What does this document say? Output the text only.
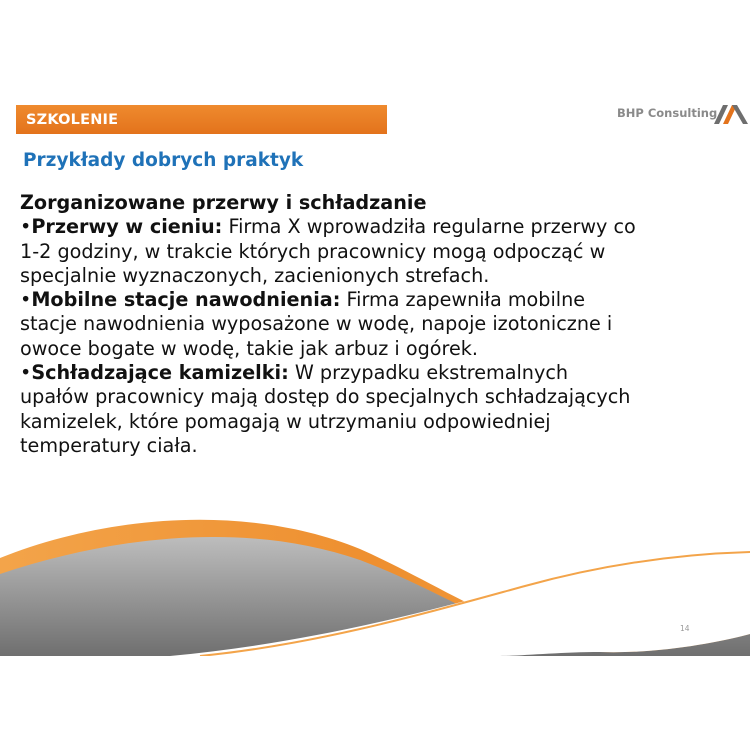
SZKOLENIE	BHP Consulting
Przykłady dobrych praktyk

Zorganizowane przerwy i schładzanie

•Przerwy w cieniu: Firma X wprowadziła regularne przerwy co 1-2 godziny, w trakcie których pracownicy mogą odpocząć w specjalnie wyznaczonych, zacienionych strefach.

•Mobilne stacje nawodnienia: Firma zapewniła mobilne stacje nawodnienia wyposażone w wodę, napoje izotoniczne i owoce bogate w wodę, takie jak arbuz i ogórek.

•Schładzające kamizelki: W przypadku ekstremalnych upałów pracownicy mają dostęp do specjalnych schładzających kamizelek, które pomagają w utrzymaniu odpowiedniej temperatury ciała.

14
